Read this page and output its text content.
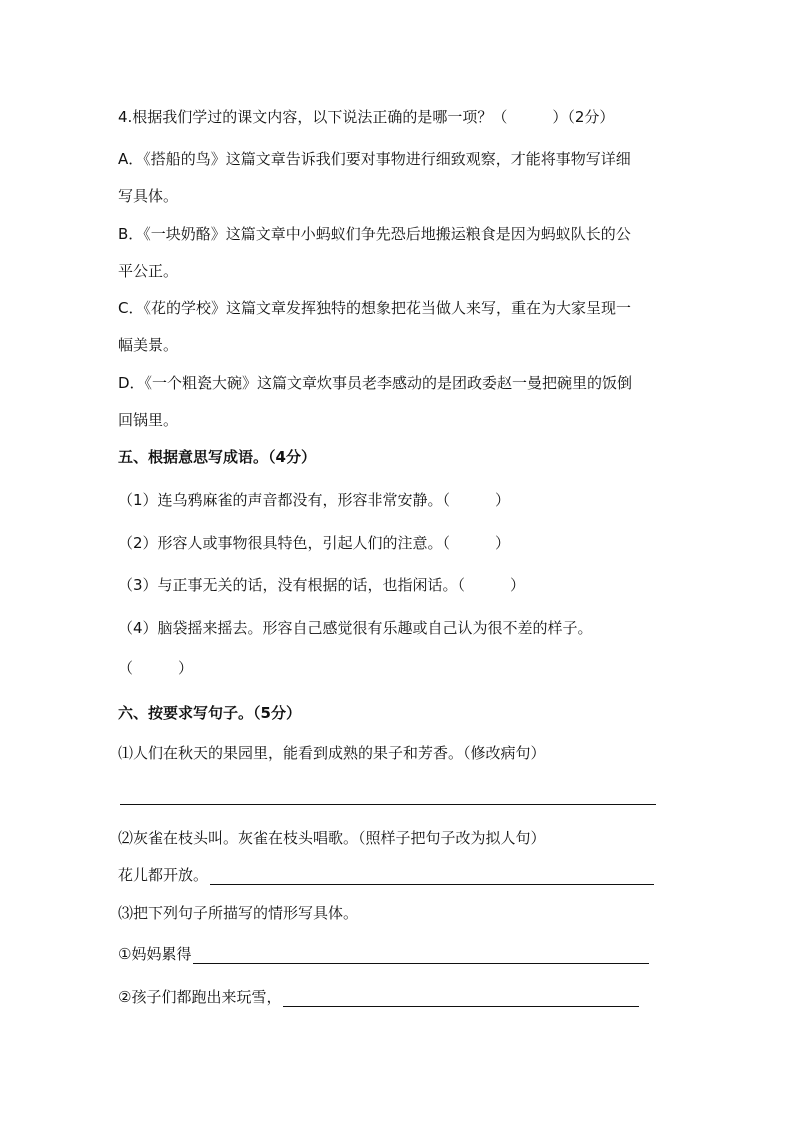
4.根据我们学过的课文内容，以下说法正确的是哪一项？（　　　）（2分）
A．《搭船的鸟》这篇文章告诉我们要对事物进行细致观察，才能将事物写详细
写具体。
B．《一块奶酪》这篇文章中小蚂蚁们争先恐后地搬运粮食是因为蚂蚁队长的公
平公正。
C．《花的学校》这篇文章发挥独特的想象把花当做人来写，重在为大家呈现一
幅美景。
D．《一个粗瓷大碗》这篇文章炊事员老李感动的是团政委赵一曼把碗里的饭倒
回锅里。
五、根据意思写成语。（4分）
（1）连乌鸦麻雀的声音都没有，形容非常安静。（　　　）
（2）形容人或事物很具特色，引起人们的注意。（　　　）
（3）与正事无关的话，没有根据的话，也指闲话。（　　　）
（4）脑袋摇来摇去。形容自己感觉很有乐趣或自己认为很不差的样子。
（　　　）
六、按要求写句子。（5分）
⑴人们在秋天的果园里，能看到成熟的果子和芳香。（修改病句）
⑵灰雀在枝头叫。灰雀在枝头唱歌。（照样子把句子改为拟人句）
花儿都开放。
⑶把下列句子所描写的情形写具体。
①妈妈累得
②孩子们都跑出来玩雪，
